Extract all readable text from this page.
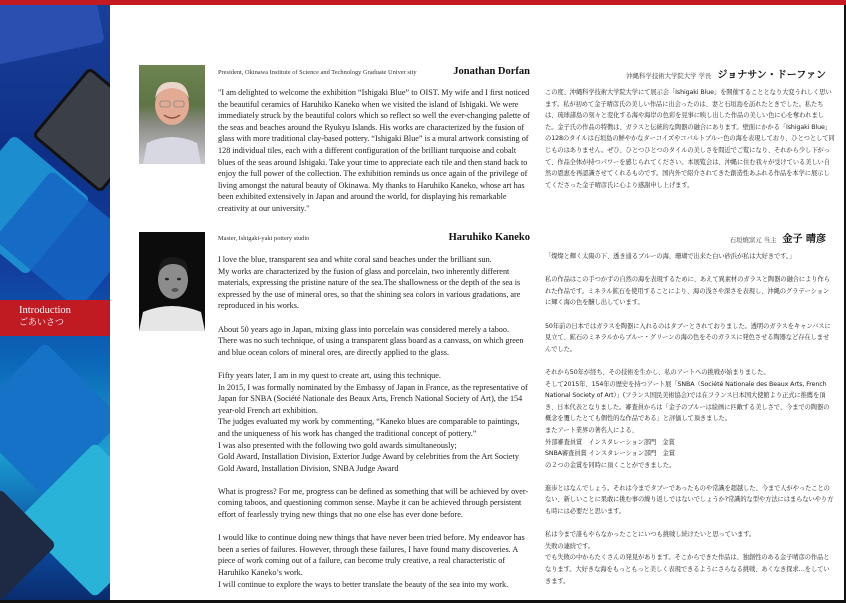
Introduction
ごあいさつ
President, Okinawa Institute of Science and Technology Graduate Univer sity	Jonathan Dorfan

"I am delighted to welcome the exhibition “Ishigaki Blue” to OIST. My wife and I first noticed the beautiful ceramics of Haruhiko Kaneko when we visited the island of Ishigaki. We were immediately struck by the beautiful colors which so reflect so well the ever-changing palette of the seas and beaches around the Ryukyu Islands. His works are characterized by the fusion of glass with more traditional clay-based pottery. “Ishigaki Blue” is a mural artwork consisting of 128 individual tiles, each with a different configuration of the brilliant turquoise and cobalt blues of the seas around Ishigaki. Take your time to appreciate each tile and then stand back to enjoy the full power of the collection. The exhibition reminds us once again of the privilege of living amongst the natural beauty of Okinawa. My thanks to Haruhiko Kaneko, whose art has been exhibited extensively in Japan and around the world, for displaying his remarkable creativity at our university."

沖縄科学技術大学院大学 学長 ジョナサン・ドーファン

この度、沖縄科学技術大学院大学にて展示会「Ishigaki Blue」を開催することとなり大変うれしく思います。私が初めて金子晴彦氏の美しい作品に出会ったのは、妻と石垣島を訪れたときでした。私たちは、琉球諸島の刻々と変化する海や海岸の色彩を見事に映し出した作品の美しい色に心を奪われました。金子氏の作品の特徴は、ガラスと伝統的な陶器の融合にあります。壁面にかかる「Ishigaki Blue」の128のタイルは石垣島の鮮やかなターコイズやコバルトブルー色の海を表現しており、ひとつとして同じものはありません。ぜひ、ひとつひとつのタイルの美しさを間近でご覧になり、それから少し下がって、作品全体が持つパワーを感じられてください。本展覧会は、沖縄に住む我々が受けている美しい自然の恩恵を再認識させてくれるものです。国内外で紹介されてきた創造性あふれる作品を本学に展示してくださった金子晴彦氏に心より感謝申し上げます。

Master, Ishigaki-yaki pottery studio	Haruhiko Kaneko

I love the blue, transparent sea and white coral sand beaches under the brilliant sun.

My works are characterized by the fusion of glass and porcelain, two inherently different materials, expressing the pristine nature of the sea.The shallowness or the depth of the sea is expressed by the use of mineral ores, so that the shining sea colors in various gradations, are reproduced in his works.

About 50 years ago in Japan, mixing glass into porcelain was considered merely a taboo.

There was no such technique, of using a transparent glass board as a canvass, on which green and blue ocean colors of mineral ores, are directly applied to the glass.

Fifty years later, I am in my quest to create art, using this technique.

In 2015, I was formally nominated by the Embassy of Japan in France, as the representative of Japan for SNBA (Société Nationale des Beaux Arts, French National Society of Art), the 154 year-old French art exhibition.

The judges evaluated my work by commenting, “Kaneko blues are comparable to paintings, and the uniqueness of his work has changed the traditional concept of pottery.”

I was also presented with the following two gold awards simultaneously;

Gold Award, Installation Division, Exterior Judge Award by celebrities from the Art Society

Gold Award, Installation Division, SNBA Judge Award

What is progress? For me, progress can be defined as something that will be achieved by over-coming taboos, and questioning common sense. Maybe it can be achieved through persistent effort of fearlessly trying new things that no one else has ever done before.

I would like to continue doing new things that have never been tried before. My endeavor has been a series of failures. However, through these failures, I have found many discoveries. A piece of work coming out of a failure, can become truly creative, a real characteristic of Haruhiko Kaneko’s work.

I will continue to explore the ways to better translate the beauty of the sea into my work.

石垣焼窯元 当主 金子 晴彦

「燦燦と輝く太陽の下、透き通るブルーの海、珊瑚で出来た白い砂浜が私は大好きです。」

私の作品はこの手つかずの自然の海を表現するために、あえて異素材のガラスと陶器の融合により作られた作品です。ミネラル鉱石を使用することにより、海の浅さや深さを表現し、沖縄のグラデーションに輝く海の色を醸し出しています。

50年前の日本ではガラスを陶器に入れるのはタブーとされておりました。透明のガラスをキャンバスに見立て、鉱石のミネラルからブルー・グリーンの海の色をそのガラスに発色させる陶器など存在しませんでした。

それから50年が経ち、その技術を生かし、私のアートへの挑戦が始まりました。

そして2015年、154年の歴史を持つアート展「SNBA（Société Nationale des Beaux Arts, French National Society of Art）」(フランス国民美術協会)では在フランス日本国大使館より正式に推薦を頂き、日本代表となりました。審査員からは「金子のブルーは絵画に匹敵する美しさで、今までの陶器の概念を覆したとても個性的な作品である」と評価して頂きました。

またアート業界の著名人による、

外部審査員賞　インスタレーション部門　金賞

SNBA審査員賞 インスタレーション部門　金賞

の２つの金賞を同時に頂くことができました。

進歩とはなんでしょう。それは今までタブーであったものや常識を超越した、今まで人がやったことのない、新しいことに果敢に挑む事の繰り返しではないでしょうか?常識的な型や方法にはまらないやり方も時には必要だと思います。

私は今まで誰もやらなかったことにいつも挑戦し続けたいと思っています。

失敗の連続です。

でも失敗の中からたくさんの発見があります。そこからできた作品は、独創性のある金子晴彦の作品となります。大好きな海をもっともっと美しく表現できるようにさらなる挑戦、あくなき探求…をしていきます。
